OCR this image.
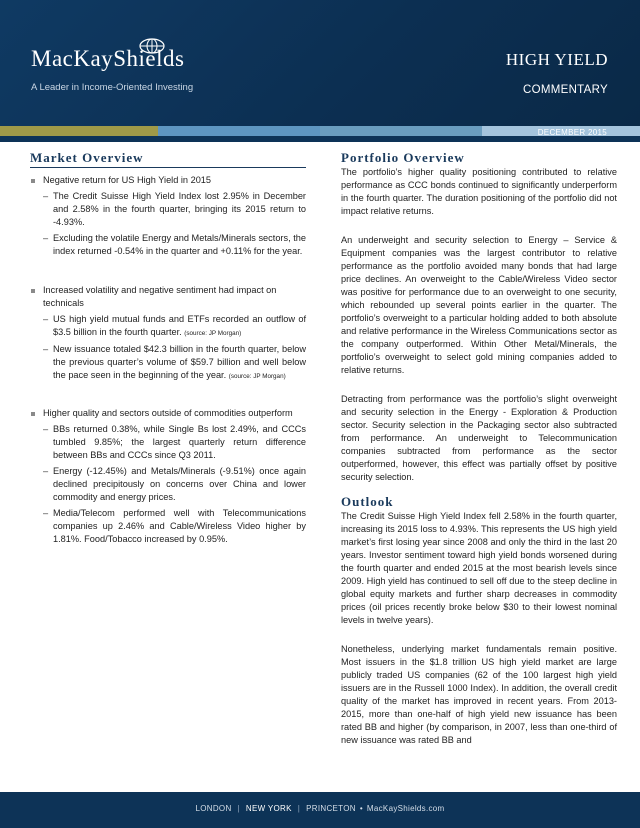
MacKayShields
A Leader in Income-Oriented Investing
HIGH YIELD
COMMENTARY
DECEMBER 2015
Market Overview
Negative return for US High Yield in 2015
– The Credit Suisse High Yield Index lost 2.95% in December and 2.58% in the fourth quarter, bringing its 2015 return to -4.93%.
– Excluding the volatile Energy and Metals/Minerals sectors, the index returned -0.54% in the quarter and +0.11% for the year.
Increased volatility and negative sentiment had impact on technicals
– US high yield mutual funds and ETFs recorded an outflow of $3.5 billion in the fourth quarter. (source: JP Morgan)
– New issuance totaled $42.3 billion in the fourth quarter, below the previous quarter’s volume of $59.7 billion and well below the pace seen in the beginning of the year. (source: JP Morgan)
Higher quality and sectors outside of commodities outperform
– BBs returned 0.38%, while Single Bs lost 2.49%, and CCCs tumbled 9.85%; the largest quarterly return difference between BBs and CCCs since Q3 2011.
– Energy (-12.45%) and Metals/Minerals (-9.51%) once again declined precipitously on concerns over China and lower commodity and energy prices.
– Media/Telecom performed well with Telecommunications companies up 2.46% and Cable/Wireless Video higher by 1.81%. Food/Tobacco increased by 0.95%.
Portfolio Overview

The portfolio’s higher quality positioning contributed to relative performance as CCC bonds continued to significantly underperform in the fourth quarter. The duration positioning of the portfolio did not impact relative returns.

An underweight and security selection to Energy – Service & Equipment companies was the largest contributor to relative performance as the portfolio avoided many bonds that had large price declines. An overweight to the Cable/Wireless Video sector was positive for performance due to an overweight to one security, which rebounded up several points earlier in the quarter. The portfolio’s overweight to a particular holding added to both absolute and relative performance in the Wireless Communications sector as the company outperformed. Within Other Metal/Minerals, the portfolio’s overweight to select gold mining companies added to relative returns.

Detracting from performance was the portfolio’s slight overweight and security selection in the Energy - Exploration & Production sector. Security selection in the Packaging sector also subtracted from performance. An underweight to Telecommunication companies subtracted from performance as the sector outperformed, however, this effect was partially offset by positive security selection.

Outlook

The Credit Suisse High Yield Index fell 2.58% in the fourth quarter, increasing its 2015 loss to 4.93%. This represents the US high yield market’s first losing year since 2008 and only the third in the last 20 years. Investor sentiment toward high yield bonds worsened during the fourth quarter and ended 2015 at the most bearish levels since 2009. High yield has continued to sell off due to the steep decline in global equity markets and further sharp decreases in commodity prices (oil prices recently broke below $30 to their lowest nominal levels in twelve years).

Nonetheless, underlying market fundamentals remain positive. Most issuers in the $1.8 trillion US high yield market are large publicly traded US companies (62 of the 100 largest high yield issuers are in the Russell 1000 Index). In addition, the overall credit quality of the market has improved in recent years. From 2013-2015, more than one-half of high yield new issuance has been rated BB and higher (by comparison, in 2007, less than one-third of new issuance was rated BB and

LONDON | NEW YORK | PRINCETON • MacKayShields.com
